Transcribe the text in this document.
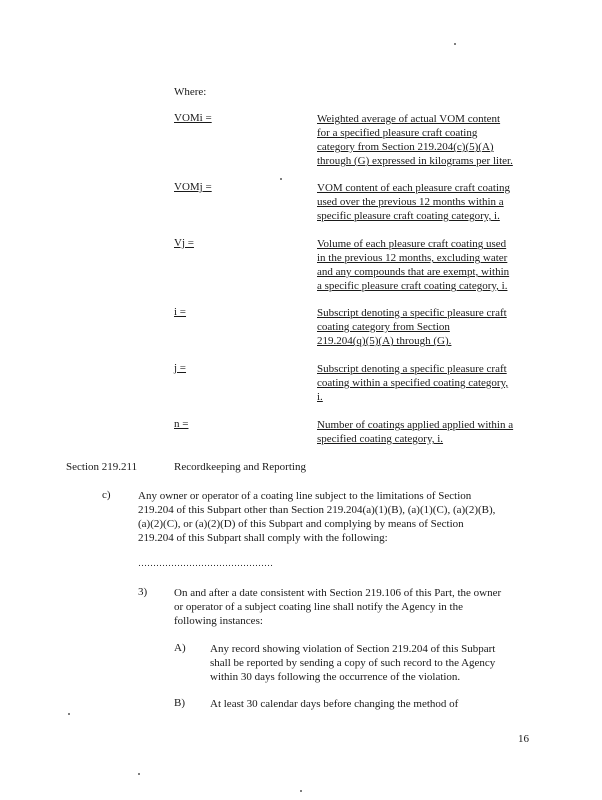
Where:
VOMi =	Weighted average of actual VOM content
for a specified pleasure craft coating
category from Section 219.204(c)(5)(A)
through (G) expressed in kilograms per liter.
VOMj =	VOM content of each pleasure craft coating
used over the previous 12 months within a
specific pleasure craft coating category, i.
Vj =	Volume of each pleasure craft coating used
in the previous 12 months, excluding water
and any compounds that are exempt, within
a specific pleasure craft coating category, i.
i =	Subscript denoting a specific pleasure craft
coating category from Section
219.204(q)(5)(A) through (G).
j =	Subscript denoting a specific pleasure craft
coating within a specified coating category,
i.
n =	Number of coatings applied applied within a
specified coating category, i.
Section 219.211	Recordkeeping and Reporting
c) Any owner or operator of a coating line subject to the limitations of Section
219.204 of this Subpart other than Section 219.204(a)(1)(B), (a)(1)(C), (a)(2)(B),
(a)(2)(C), or (a)(2)(D) of this Subpart and complying by means of Section
219.204 of this Subpart shall comply with the following:
………………………………………
3) On and after a date consistent with Section 219.106 of this Part, the owner
or operator of a subject coating line shall notify the Agency in the
following instances:
A) Any record showing violation of Section 219.204 of this Subpart
shall be reported by sending a copy of such record to the Agency
within 30 days following the occurrence of the violation.
B) At least 30 calendar days before changing the method of
16
